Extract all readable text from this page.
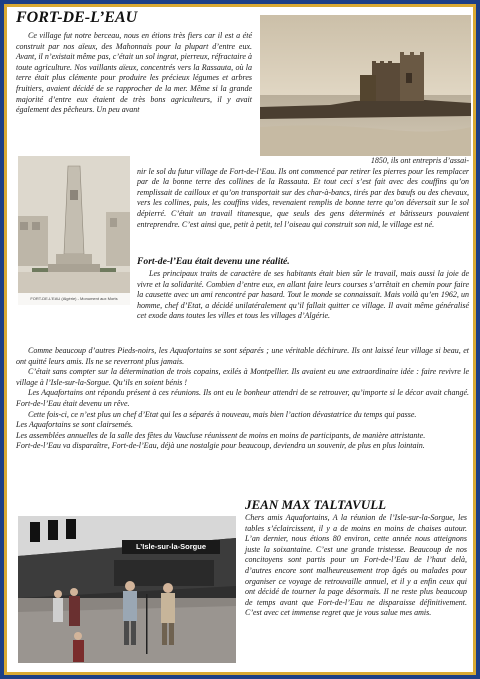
FORT-DE-L’EAU
FORT-DE-L’EAU (Algérie) - Monument aux Morts
Ce village fut notre berceau, nous en étions très fiers car il est a été construit par nos aïeux, des Mahonnais pour la plupart d’entre eux. Avant, il n’existait même pas, c’était un sol ingrat, pierreux, réfractaire à toute agriculture. Nos vaillants aïeux, concentrés vers la Rassauta, où la terre était plus clémente pour produire les précieux légumes et arbres fruitiers, avaient décidé de se rapprocher de la mer. Même si la grande majorité d’entre eux étaient de très bons agriculteurs, il y avait également des pêcheurs. Un peu avant
1850, ils ont entrepris d’assai-
nir le sol du futur village de Fort-de-l’Eau. Ils ont commencé par retirer les pierres pour les remplacer par de la bonne terre des collines de la Rassauta. Et tout ceci s’est fait avec des couffins qu’on remplissait de cailloux et qu’on transportait sur des char-à-bancs, tirés par des bœufs ou des chevaux, vers les collines, puis, les couffins vides, revenaient remplis de bonne terre qu’on déversait sur le sol dépierré. C’était un travail titanesque, que seuls des gens déterminés et bâtisseurs pouvaient entreprendre. C’est ainsi que, petit à petit, tel l’oiseau qui construit son nid, le village est né.
Fort-de-l’Eau était devenu une réalité.

Les principaux traits de caractère de ses habitants était bien sûr le travail, mais aussi la joie de vivre et la solidarité. Combien d’entre eux, en allant faire leurs courses s’arrêtait en chemin pour faire la causette avec un ami rencontré par hasard. Tout le monde se connaissait. Mais voilà qu’en 1962, un homme, chef d’Etat, a décidé unilatéralement qu’il fallait quitter ce village. Il avait même généralisé cet exode dans toutes les villes et tous les villages d’Algérie.

Comme beaucoup d’autres Pieds-noirs, les Aquafortains se sont séparés ; une véritable déchirure. Ils ont laissé leur village si beau, et ont quitté leurs amis. Ils ne se reverront plus jamais.

C’était sans compter sur la détermination de trois copains, exilés à Montpellier. Ils avaient eu une extraordinaire idée : faire revivre le village à l’Isle-sur-la-Sorgue. Qu’ils en soient bénis !

Les Aquafortains ont répondu présent à ces réunions. Ils ont eu le bonheur attendri de se retrouver, qu’importe si le décor avait changé. Fort-de-l’Eau était devenu un rêve.

Cette fois-ci, ce n’est plus un chef d’Etat qui les a séparés à nouveau, mais bien l’action dévastatrice du temps qui passe.

Les Aquafortains se sont clairsemés.

Les assemblées annuelles de la salle des fêtes du Vaucluse réunissent de moins en moins de participants, de manière attristante.

Fort-de-l’Eau va disparaître, Fort-de-l’Eau, déjà une nostalgie pour beaucoup, deviendra un souvenir, de plus en plus lointain.

L’Isle-sur-la-Sorgue
JEAN MAX TALTAVULL
Chers amis Aquafortains, A la réunion de l’Isle-sur-la-Sorgue, les tables s’éclaircissent, il y a de moins en moins de chaises autour. L’an dernier, nous étions 80 environ, cette année nous atteignons juste la soixantaine. C’est une grande tristesse. Beaucoup de nos concitoyens sont partis pour un Fort-de-l’Eau de l’haut delà, d’autres encore sont malheureusement trop âgés ou malades pour organiser ce voyage de retrouvaille annuel, et il y a enfin ceux qui ont décidé de tourner la page désormais. Il ne reste plus beaucoup de temps avant que Fort-de-l’Eau ne disparaisse définitivement. C’est avec cet immense regret que je vous salue mes amis.
